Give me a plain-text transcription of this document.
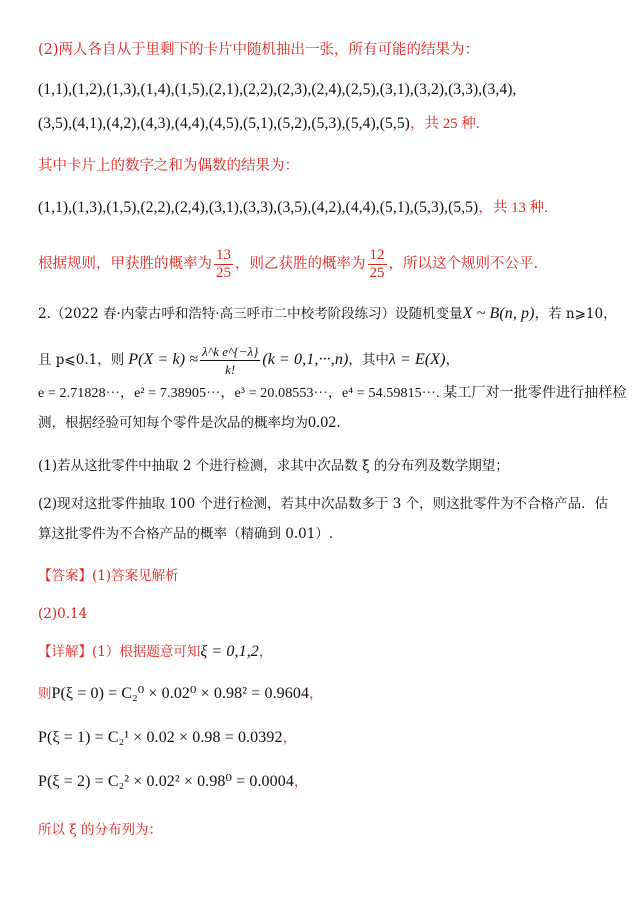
(2)两人各自从于里剩下的卡片中随机抽出一张，所有可能的结果为：
(1,1),(1,2),(1,3),(1,4),(1,5),(2,1),(2,2),(2,3),(2,4),(2,5),(3,1),(3,2),(3,3),(3,4),
(3,5),(4,1),(4,2),(4,3),(4,4),(4,5),(5,1),(5,2),(5,3),(5,4),(5,5)，共 25 种.
其中卡片上的数字之和为偶数的结果为：
(1,1),(1,3),(1,5),(2,2),(2,4),(3,1),(3,3),(3,5),(4,2),(4,4),(5,1),(5,3),(5,5)，共 13 种.
根据规则，甲获胜的概率为 $\frac{13}{25}$ ，则乙获胜的概率为 $\frac{12}{25}$ ，所以这个规则不公平.
2.（2022 春·内蒙古呼和浩特·高三呼市二中校考阶段练习）设随机变量X ~ B(n, p)，若 n⩾10，
且 p⩽0.1，则 $P(X = k) \approx \frac{\text{λ\textasciicircum{}k e\textasciicircum{}\{−λ\}}}{k!} (k = 0,1,\cdot\cdot\cdot,n)$ ，其中 λ = E(X) ，
e = 2.71828···，e² = 7.38905···，e³ = 20.08553···，e⁴ = 54.59815···. 某工厂对一批零件进行抽样检
测，根据经验可知每个零件是次品的概率均为0.02.
(1)若从这批零件中抽取 2 个进行检测，求其中次品数 ξ 的分布列及数学期望；
(2)现对这批零件抽取 100 个进行检测，若其中次品数多于 3 个，则这批零件为不合格产品．估
算这批零件为不合格产品的概率（精确到 0.01）.
【答案】(1)答案见解析
(2)0.14
【详解】(1）根据题意可知ξ = 0,1,2，
则P(ξ = 0) = C₂⁰ × 0.02⁰ × 0.98² = 0.9604，
P(ξ = 1) = C₂¹ × 0.02 × 0.98 = 0.0392，
P(ξ = 2) = C₂² × 0.02² × 0.98⁰ = 0.0004，
所以 ξ 的分布列为：
